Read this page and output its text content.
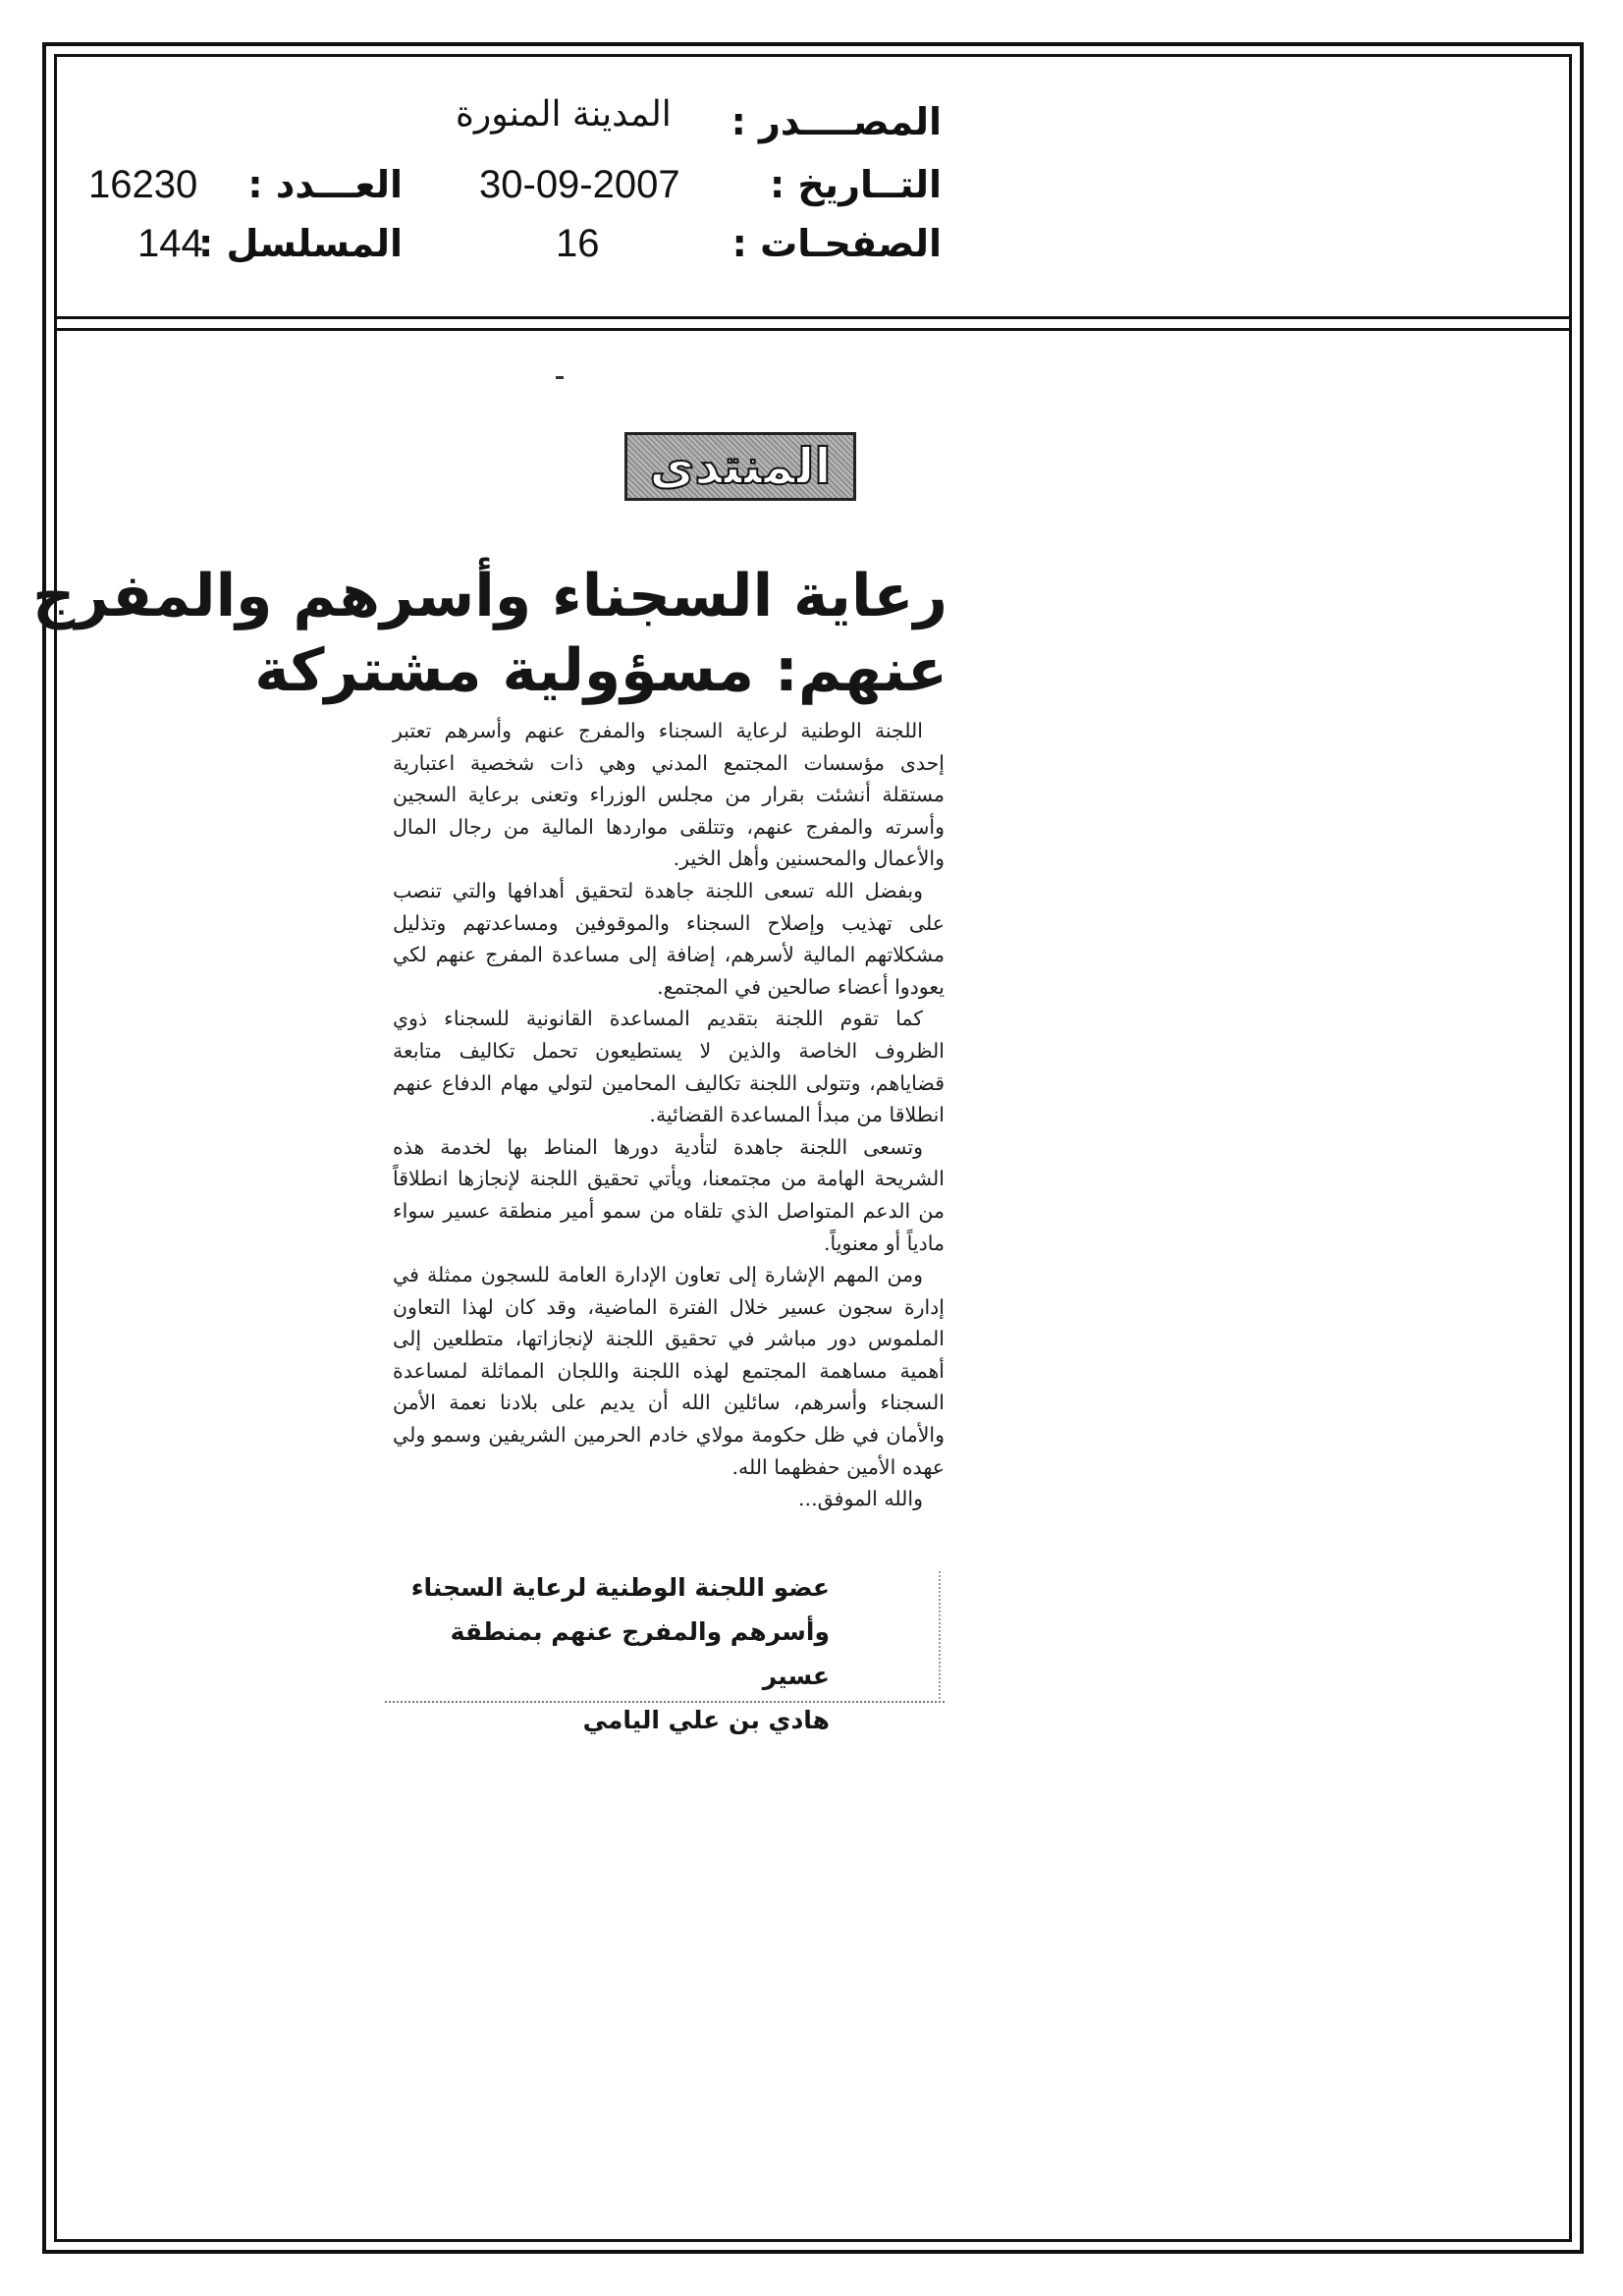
المصــــدر :
المدينة المنورة
التــاريخ :
30-09-2007
العـــدد :
16230
الصفحـات :
16
المسلسل :
144
المنتدى
رعاية السجناء وأسرهم والمفرج
عنهم: مسؤولية مشتركة

اللجنة الوطنية لرعاية السجناء والمفرج عنهم وأسرهم تعتبر إحدى مؤسسات المجتمع المدني وهي ذات شخصية اعتبارية مستقلة أنشئت بقرار من مجلس الوزراء وتعنى برعاية السجين وأسرته والمفرج عنهم، وتتلقى مواردها المالية من رجال المال والأعمال والمحسنين وأهل الخير.

وبفضل الله تسعى اللجنة جاهدة لتحقيق أهدافها والتي تنصب على تهذيب وإصلاح السجناء والموقوفين ومساعدتهم وتذليل مشكلاتهم المالية لأسرهم، إضافة إلى مساعدة المفرج عنهم لكي يعودوا أعضاء صالحين في المجتمع.

كما تقوم اللجنة بتقديم المساعدة القانونية للسجناء ذوي الظروف الخاصة والذين لا يستطيعون تحمل تكاليف متابعة قضاياهم، وتتولى اللجنة تكاليف المحامين لتولي مهام الدفاع عنهم انطلاقا من مبدأ المساعدة القضائية.

وتسعى اللجنة جاهدة لتأدية دورها المناط بها لخدمة هذه الشريحة الهامة من مجتمعنا، ويأتي تحقيق اللجنة لإنجازها انطلاقاً من الدعم المتواصل الذي تلقاه من سمو أمير منطقة عسير سواء مادياً أو معنوياً.

ومن المهم الإشارة إلى تعاون الإدارة العامة للسجون ممثلة في إدارة سجون عسير خلال الفترة الماضية، وقد كان لهذا التعاون الملموس دور مباشر في تحقيق اللجنة لإنجازاتها، متطلعين إلى أهمية مساهمة المجتمع لهذه اللجنة واللجان المماثلة لمساعدة السجناء وأسرهم، سائلين الله أن يديم على بلادنا نعمة الأمن والأمان في ظل حكومة مولاي خادم الحرمين الشريفين وسمو ولي عهده الأمين حفظهما الله.

والله الموفق...

عضو اللجنة الوطنية لرعاية السجناء
وأسرهم والمفرج عنهم بمنطقة عسير
هادي بن علي اليامي
